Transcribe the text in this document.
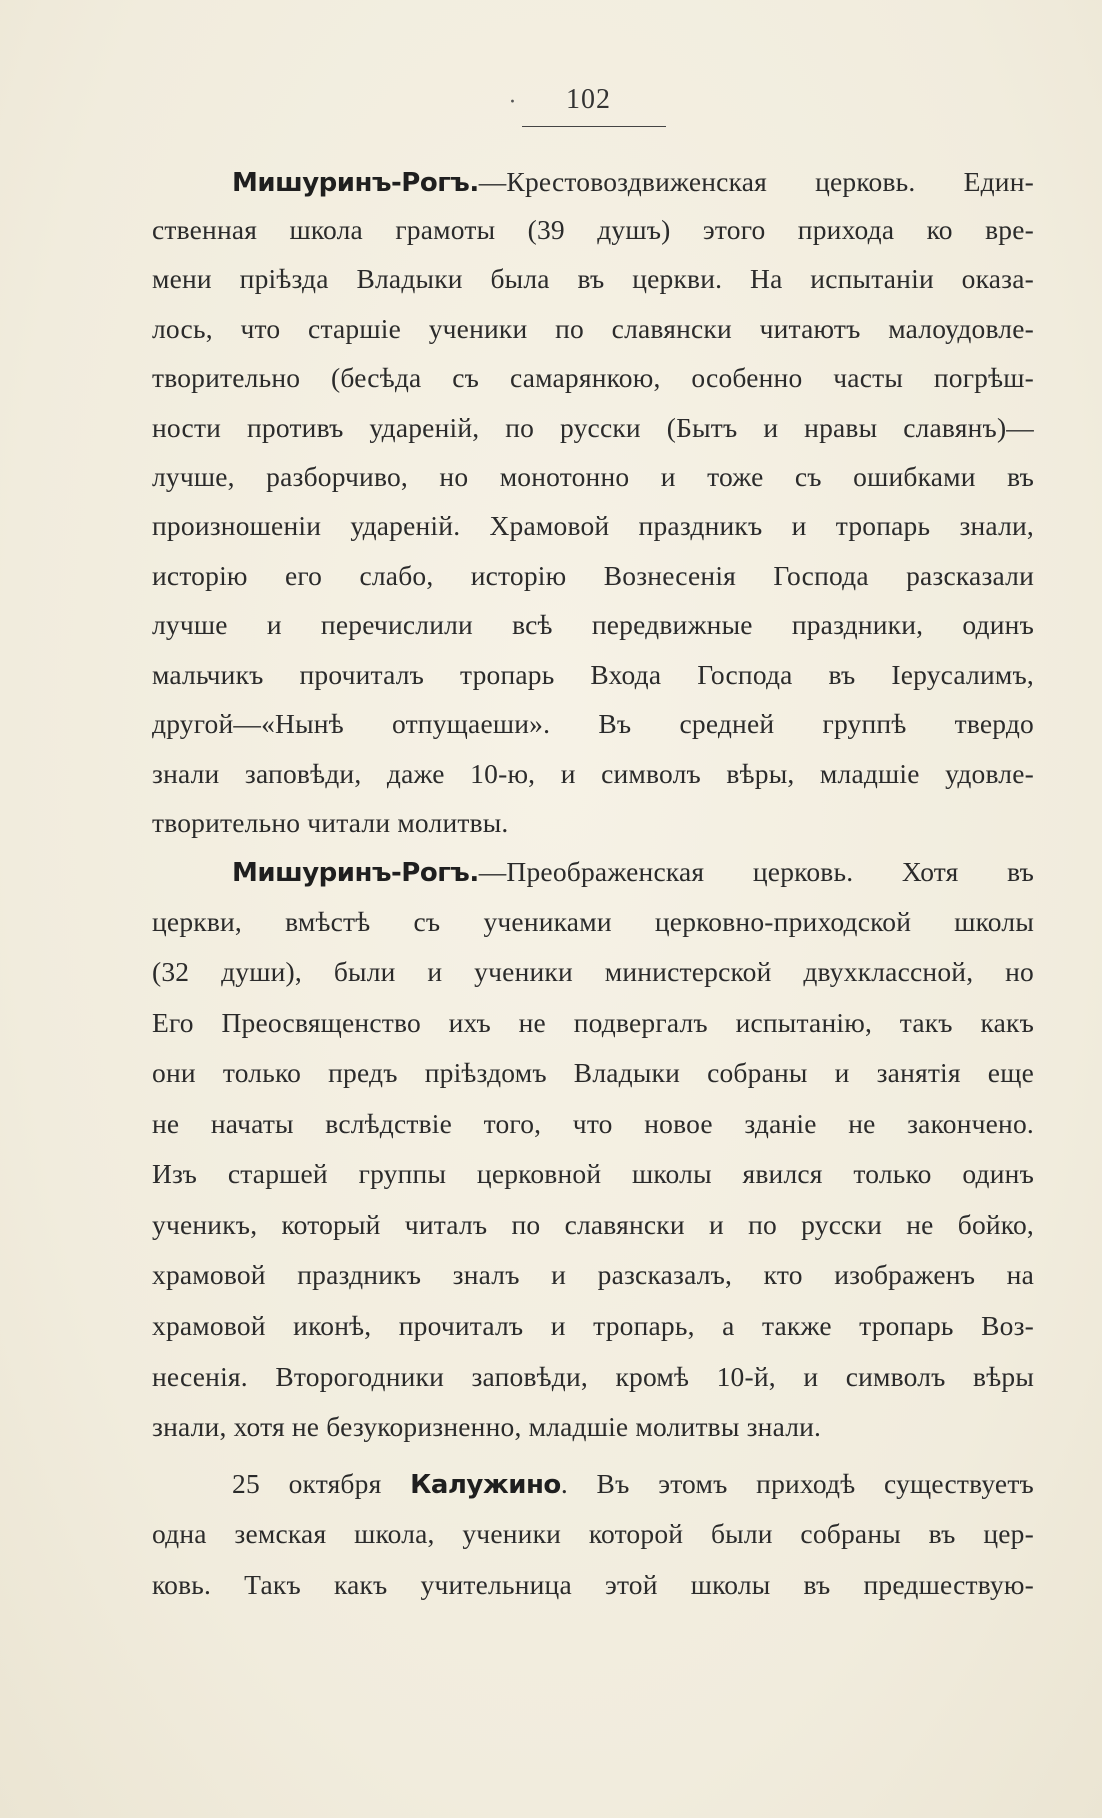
· 102
Мишуринъ-Рогъ.—Крестовоздвиженская церковь. Един-
ственная школа грамоты (39 душъ) этого прихода ко вре-
мени прiѣзда Владыки была въ церкви. На испытанiи оказа-
лось, что старшiе ученики по славянски читаютъ малоудовле-
творительно (бесѣда съ самарянкою, особенно часты погрѣш-
ности противъ ударенiй, по русски (Бытъ и нравы славянъ)—
лучше, разборчиво, но монотонно и тоже съ ошибками въ
произношенiи ударенiй. Храмовой праздникъ и тропарь знали,
исторiю его слабо, исторiю Вознесенiя Господа разсказали
лучше и перечислили всѣ передвижные праздники, одинъ
мальчикъ прочиталъ тропарь Входа Господа въ Iерусалимъ,
другой—«Нынѣ отпущаеши». Въ средней группѣ твердо
знали заповѣди, даже 10-ю, и символъ вѣры, младшiе удовле-
творительно читали молитвы.
Мишуринъ-Рогъ.—Преображенская церковь. Хотя въ
церкви, вмѣстѣ съ учениками церковно-приходской школы
(32 души), были и ученики министерской двухклассной, но
Его Преосвященство ихъ не подвергалъ испытанiю, такъ какъ
они только предъ прiѣздомъ Владыки собраны и занятiя еще
не начаты вслѣдствiе того, что новое зданiе не закончено.
Изъ старшей группы церковной школы явился только одинъ
ученикъ, который читалъ по славянски и по русски не бойко,
храмовой праздникъ зналъ и разсказалъ, кто изображенъ на
храмовой иконѣ, прочиталъ и тропарь, а также тропарь Воз-
несенiя. Второгодники заповѣди, кромѣ 10-й, и символъ вѣры
знали, хотя не безукоризненно, младшiе молитвы знали.
25 октября Калужино. Въ этомъ приходѣ существуетъ
одна земская школа, ученики которой были собраны въ цер-
ковь. Такъ какъ учительница этой школы въ предшествую-
